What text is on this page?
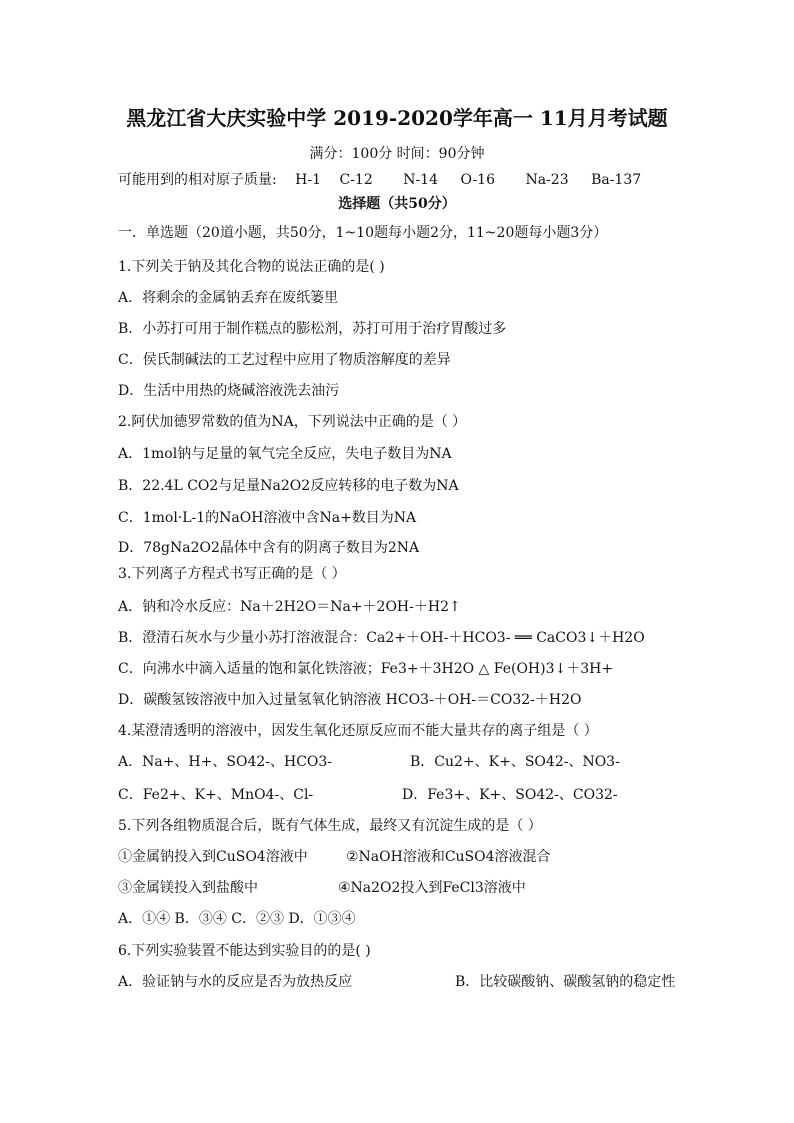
黑龙江省大庆实验中学 2019-2020学年高一 11月月考试题
满分：100分 时间：90分钟
可能用到的相对原子质量: H-1 C-12 N-14 O-16 Na-23 Ba-137
选择题（共50分）
一．单选题（20道小题，共50分，1~10题每小题2分，11~20题每小题3分）
1.下列关于钠及其化合物的说法正确的是( )
A．将剩余的金属钠丢弃在废纸篓里
B．小苏打可用于制作糕点的膨松剂，苏打可用于治疗胃酸过多
C．侯氏制碱法的工艺过程中应用了物质溶解度的差异
D．生活中用热的烧碱溶液洗去油污
2.阿伏加德罗常数的值为NA，下列说法中正确的是（ ）
A．1mol钠与足量的氧气完全反应，失电子数目为NA
B．22.4L CO2与足量Na2O2反应转移的电子数为NA
C．1mol·L-1的NaOH溶液中含Na+数目为NA
D．78gNa2O2晶体中含有的阴离子数目为2NA
3.下列离子方程式书写正确的是（ ）
A．钠和冷水反应：Na＋2H2O＝Na+＋2OH-＋H2↑
B．澄清石灰水与少量小苏打溶液混合：Ca2+＋OH-＋HCO3- ══ CaCO3↓＋H2O
C．向沸水中滴入适量的饱和氯化铁溶液；Fe3+＋3H2O △ Fe(OH)3↓＋3H+
D．碳酸氢铵溶液中加入过量氢氧化钠溶液 HCO3-＋OH-＝CO32-＋H2O
4.某澄清透明的溶液中，因发生氧化还原反应而不能大量共存的离子组是（ ）
A．Na+、H+、SO42-、HCO3-	B．Cu2+、K+、SO42-、NO3-
C．Fe2+、K+、MnO4-、Cl-	D．Fe3+、K+、SO42-、CO32-
5.下列各组物质混合后，既有气体生成，最终又有沉淀生成的是（ ）
①金属钠投入到CuSO4溶液中	②NaOH溶液和CuSO4溶液混合
③金属镁投入到盐酸中	④Na2O2投入到FeCl3溶液中
A．①④ B．③④ C．②③ D．①③④
6.下列实验装置不能达到实验目的的是( )
A．验证钠与水的反应是否为放热反应	B．比较碳酸钠、碳酸氢钠的稳定性
